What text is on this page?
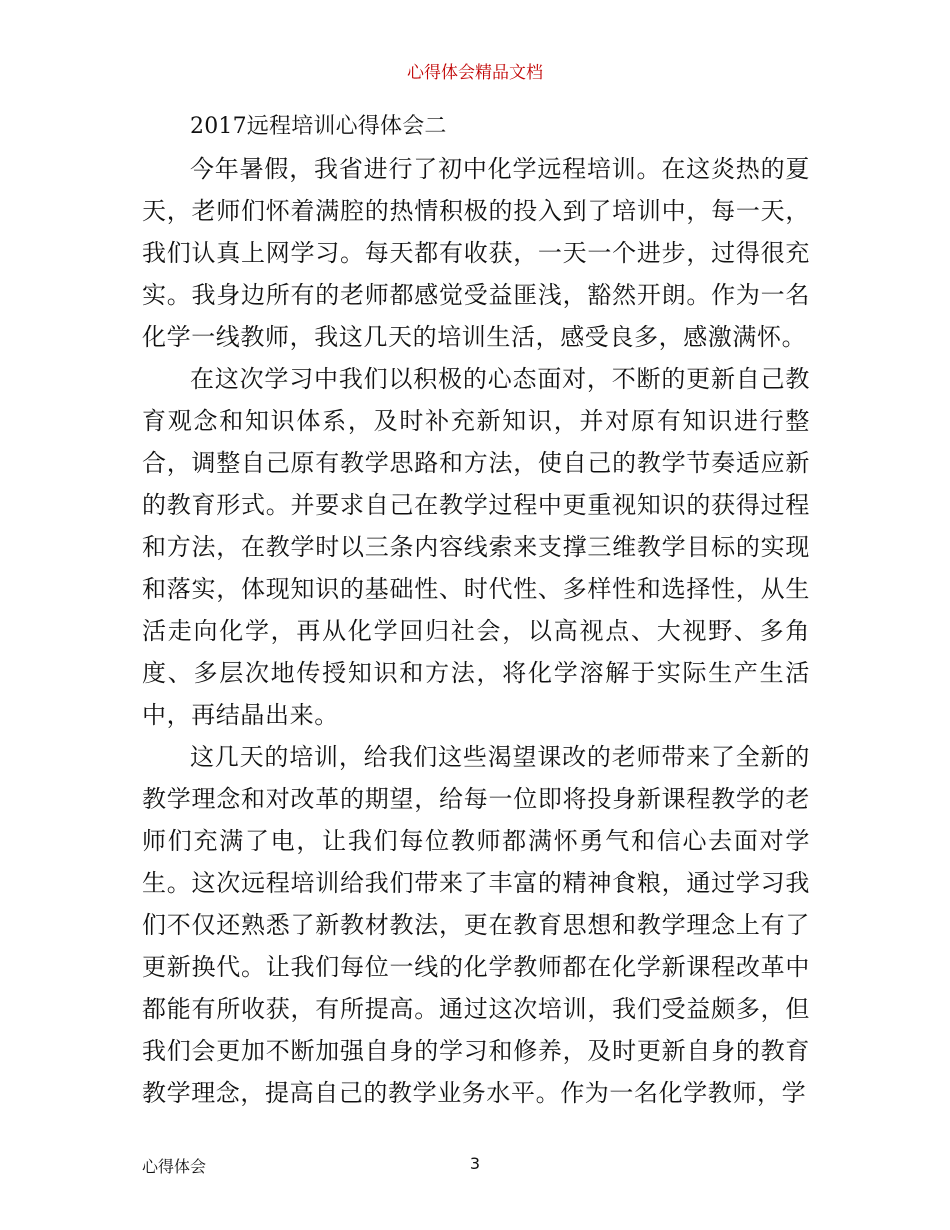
心得体会精品文档

2017远程培训心得体会二

今年暑假，我省进行了初中化学远程培训。在这炎热的夏天，老师们怀着满腔的热情积极的投入到了培训中，每一天，我们认真上网学习。每天都有收获，一天一个进步，过得很充实。我身边所有的老师都感觉受益匪浅，豁然开朗。作为一名化学一线教师，我这几天的培训生活，感受良多，感激满怀。

在这次学习中我们以积极的心态面对，不断的更新自己教育观念和知识体系，及时补充新知识，并对原有知识进行整合，调整自己原有教学思路和方法，使自己的教学节奏适应新的教育形式。并要求自己在教学过程中更重视知识的获得过程和方法，在教学时以三条内容线索来支撑三维教学目标的实现和落实，体现知识的基础性、时代性、多样性和选择性，从生活走向化学，再从化学回归社会，以高视点、大视野、多角度、多层次地传授知识和方法，将化学溶解于实际生产生活中，再结晶出来。

这几天的培训，给我们这些渴望课改的老师带来了全新的教学理念和对改革的期望，给每一位即将投身新课程教学的老师们充满了电，让我们每位教师都满怀勇气和信心去面对学生。这次远程培训给我们带来了丰富的精神食粮，通过学习我们不仅还熟悉了新教材教法，更在教育思想和教学理念上有了更新换代。让我们每位一线的化学教师都在化学新课程改革中都能有所收获，有所提高。通过这次培训，我们受益颇多，但我们会更加不断加强自身的学习和修养，及时更新自身的教育教学理念，提高自己的教学业务水平。作为一名化学教师，学

心得体会	3
